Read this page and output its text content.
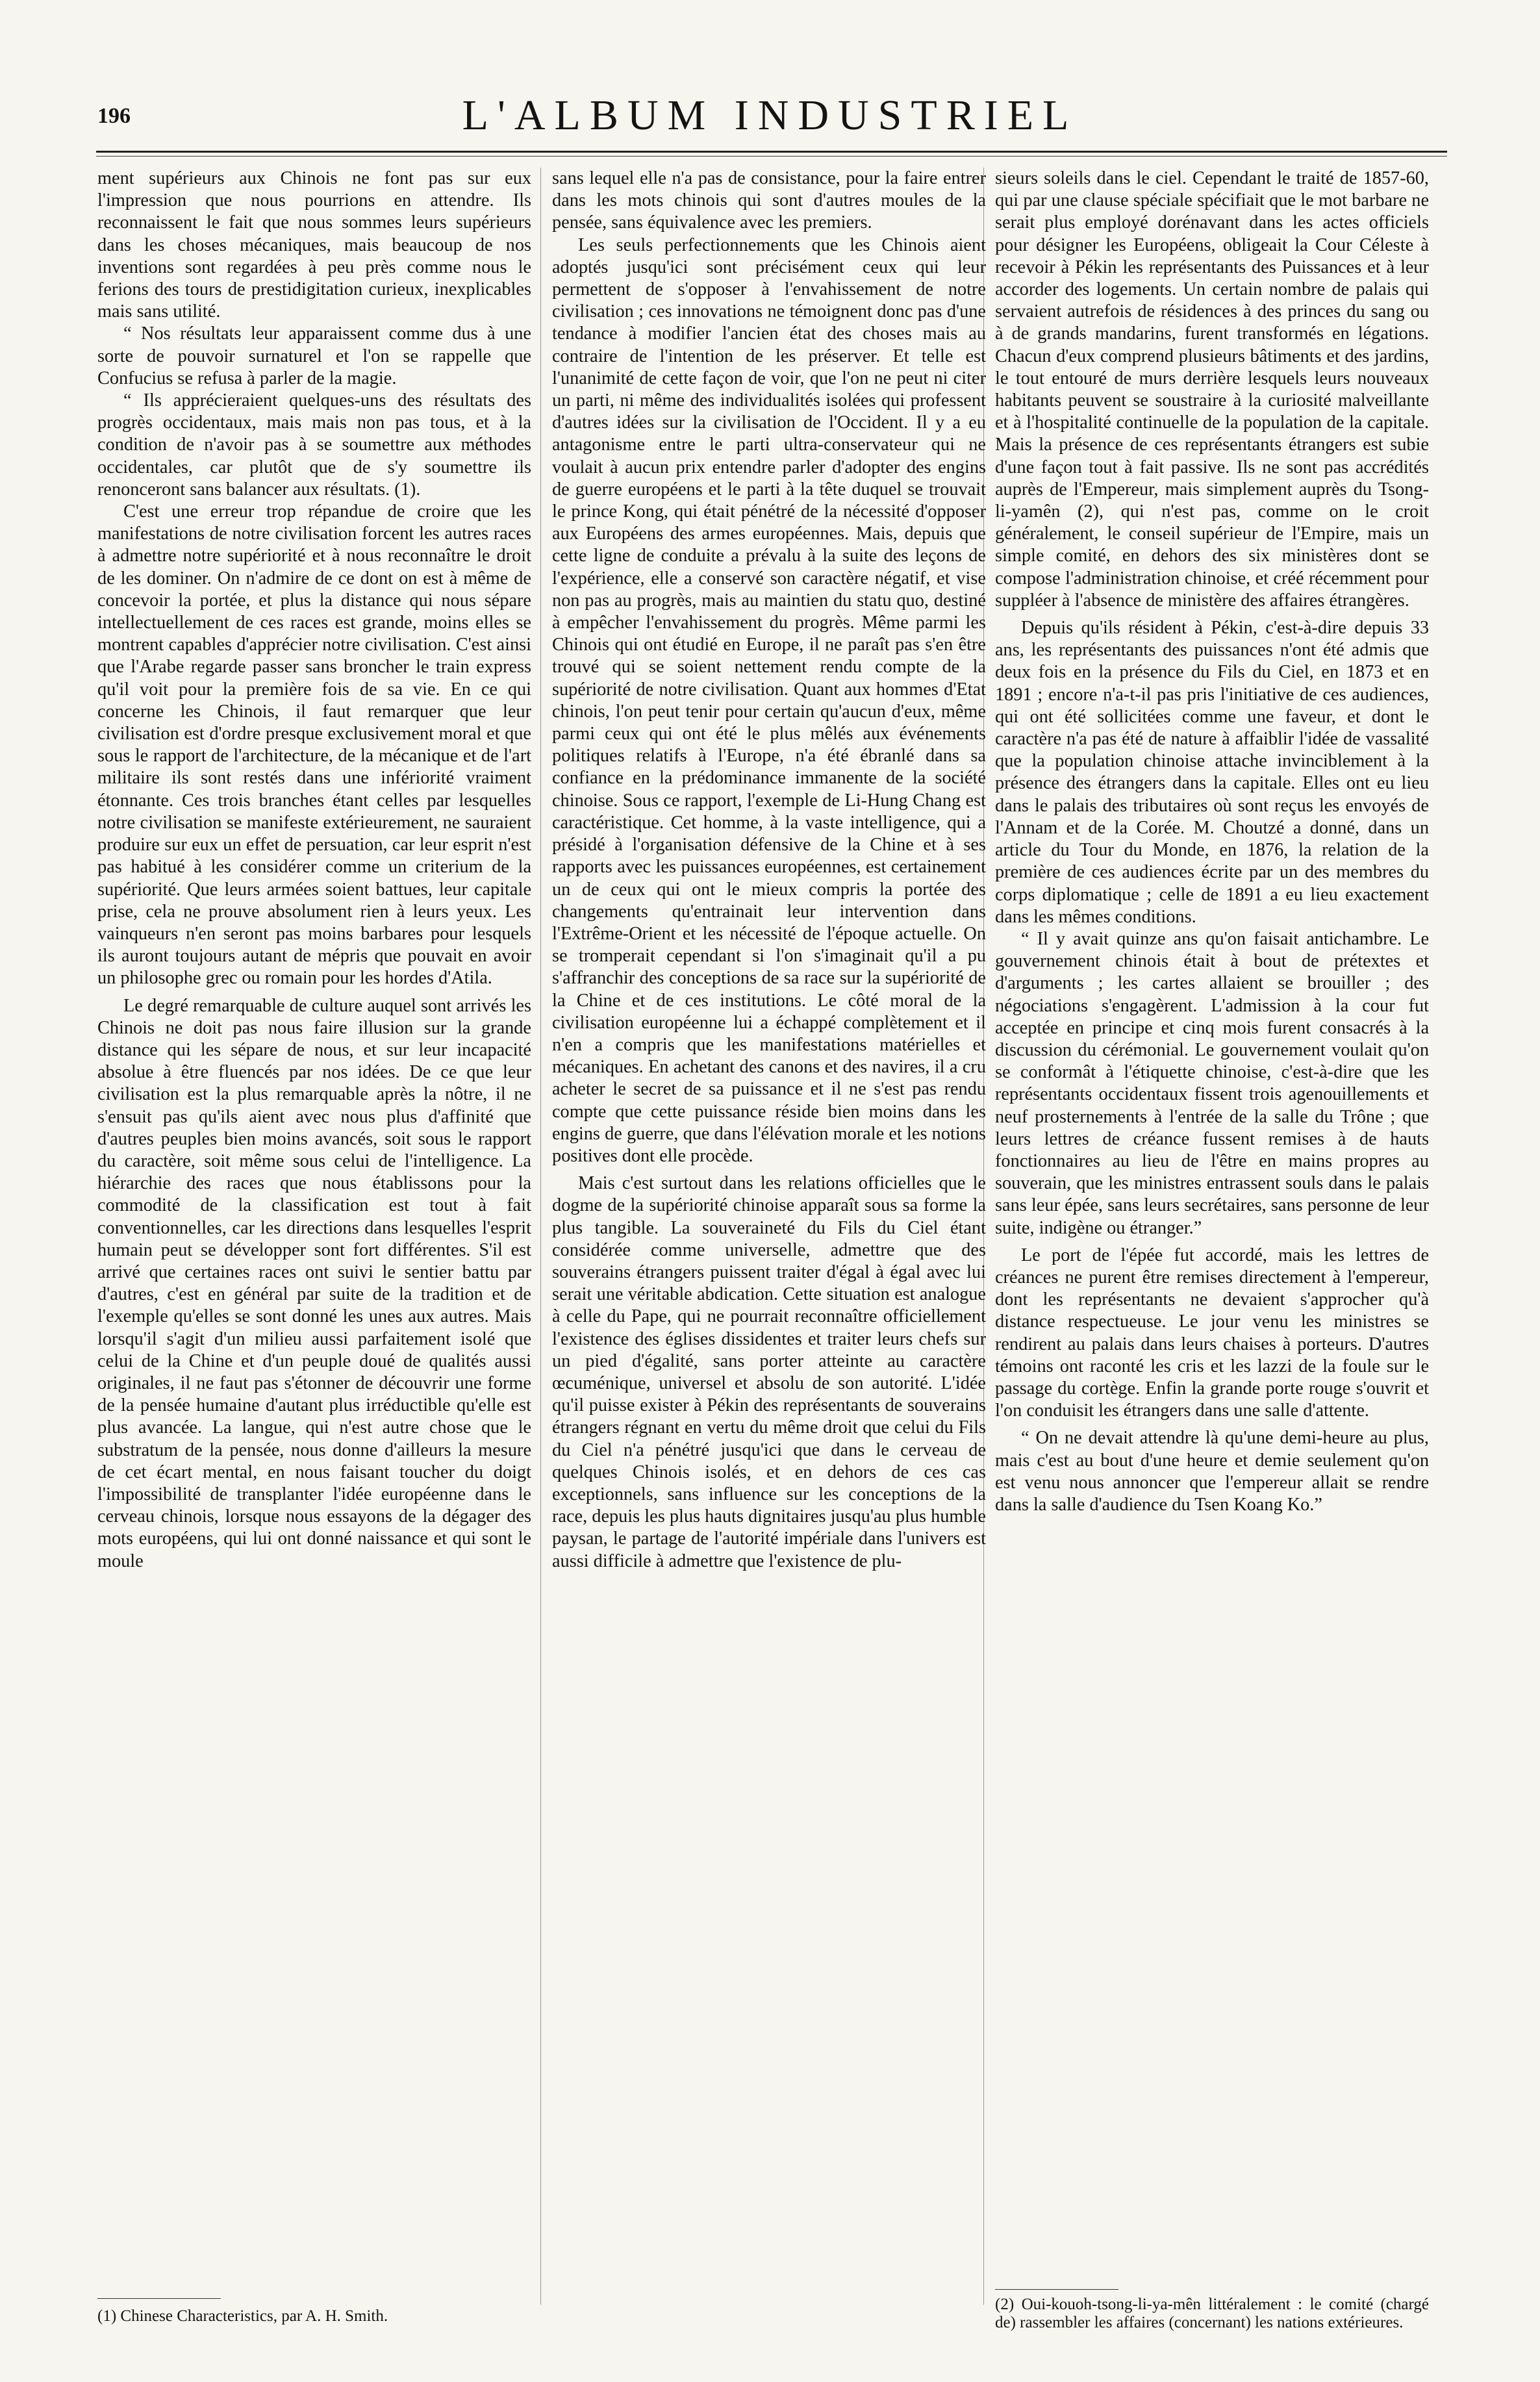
196	L'ALBUM INDUSTRIEL

ment supérieurs aux Chinois ne font pas sur eux l'impression que nous pourrions en attendre. Ils reconnaissent le fait que nous sommes leurs supérieurs dans les choses mécaniques, mais beaucoup de nos inventions sont regardées à peu près comme nous le ferions des tours de prestidigitation curieux, inexplicables mais sans utilité.

“ Nos résultats leur apparaissent comme dus à une sorte de pouvoir surnaturel et l'on se rappelle que Confucius se refusa à parler de la magie.

“ Ils apprécieraient quelques-uns des résultats des progrès occidentaux, mais mais non pas tous, et à la condition de n'avoir pas à se soumettre aux méthodes occidentales, car plutôt que de s'y soumettre ils renonceront sans balancer aux résultats. (1).

C'est une erreur trop répandue de croire que les manifestations de notre civilisation forcent les autres races à admettre notre supériorité et à nous reconnaître le droit de les dominer. On n'admire de ce dont on est à même de concevoir la portée, et plus la distance qui nous sépare intellectuellement de ces races est grande, moins elles se montrent capables d'apprécier notre civilisation. C'est ainsi que l'Arabe regarde passer sans broncher le train express qu'il voit pour la première fois de sa vie. En ce qui concerne les Chinois, il faut remarquer que leur civilisation est d'ordre presque exclusivement moral et que sous le rapport de l'architecture, de la mécanique et de l'art militaire ils sont restés dans une infériorité vraiment étonnante. Ces trois branches étant celles par lesquelles notre civilisation se manifeste extérieurement, ne sauraient produire sur eux un effet de persuation, car leur esprit n'est pas habitué à les considérer comme un criterium de la supériorité. Que leurs armées soient battues, leur capitale prise, cela ne prouve absolument rien à leurs yeux. Les vainqueurs n'en seront pas moins barbares pour lesquels ils auront toujours autant de mépris que pouvait en avoir un philosophe grec ou romain pour les hordes d'Atila.

Le degré remarquable de culture auquel sont arrivés les Chinois ne doit pas nous faire illusion sur la grande distance qui les sépare de nous, et sur leur incapacité absolue à être fluencés par nos idées. De ce que leur civilisation est la plus remarquable après la nôtre, il ne s'ensuit pas qu'ils aient avec nous plus d'affinité que d'autres peuples bien moins avancés, soit sous le rapport du caractère, soit même sous celui de l'intelligence. La hiérarchie des races que nous établissons pour la commodité de la classification est tout à fait conventionnelles, car les directions dans lesquelles l'esprit humain peut se développer sont fort différentes. S'il est arrivé que certaines races ont suivi le sentier battu par d'autres, c'est en général par suite de la tradition et de l'exemple qu'elles se sont donné les unes aux autres. Mais lorsqu'il s'agit d'un milieu aussi parfaitement isolé que celui de la Chine et d'un peuple doué de qualités aussi originales, il ne faut pas s'étonner de découvrir une forme de la pensée humaine d'autant plus irréductible qu'elle est plus avancée. La langue, qui n'est autre chose que le substratum de la pensée, nous donne d'ailleurs la mesure de cet écart mental, en nous faisant toucher du doigt l'impossibilité de transplanter l'idée européenne dans le cerveau chinois, lorsque nous essayons de la dégager des mots européens, qui lui ont donné naissance et qui sont le moule

sans lequel elle n'a pas de consistance, pour la faire entrer dans les mots chinois qui sont d'autres moules de la pensée, sans équivalence avec les premiers.

Les seuls perfectionnements que les Chinois aient adoptés jusqu'ici sont précisément ceux qui leur permettent de s'opposer à l'envahissement de notre civilisation ; ces innovations ne témoignent donc pas d'une tendance à modifier l'ancien état des choses mais au contraire de l'intention de les préserver. Et telle est l'unanimité de cette façon de voir, que l'on ne peut ni citer un parti, ni même des individualités isolées qui professent d'autres idées sur la civilisation de l'Occident. Il y a eu antagonisme entre le parti ultra-conservateur qui ne voulait à aucun prix entendre parler d'adopter des engins de guerre européens et le parti à la tête duquel se trouvait le prince Kong, qui était pénétré de la nécessité d'opposer aux Européens des armes européennes. Mais, depuis que cette ligne de conduite a prévalu à la suite des leçons de l'expérience, elle a conservé son caractère négatif, et vise non pas au progrès, mais au maintien du statu quo, destiné à empêcher l'envahissement du progrès. Même parmi les Chinois qui ont étudié en Europe, il ne paraît pas s'en être trouvé qui se soient nettement rendu compte de la supériorité de notre civilisation. Quant aux hommes d'Etat chinois, l'on peut tenir pour certain qu'aucun d'eux, même parmi ceux qui ont été le plus mêlés aux événements politiques relatifs à l'Europe, n'a été ébranlé dans sa confiance en la prédominance immanente de la société chinoise. Sous ce rapport, l'exemple de Li-Hung Chang est caractéristique. Cet homme, à la vaste intelligence, qui a présidé à l'organisation défensive de la Chine et à ses rapports avec les puissances européennes, est certainement un de ceux qui ont le mieux compris la portée des changements qu'entrainait leur intervention dans l'Extrême-Orient et les nécessité de l'époque actuelle. On se tromperait cependant si l'on s'imaginait qu'il a pu s'affranchir des conceptions de sa race sur la supériorité de la Chine et de ces institutions. Le côté moral de la civilisation européenne lui a échappé complètement et il n'en a compris que les manifestations matérielles et mécaniques. En achetant des canons et des navires, il a cru acheter le secret de sa puissance et il ne s'est pas rendu compte que cette puissance réside bien moins dans les engins de guerre, que dans l'élévation morale et les notions positives dont elle procède.

Mais c'est surtout dans les relations officielles que le dogme de la supériorité chinoise apparaît sous sa forme la plus tangible. La souveraineté du Fils du Ciel étant considérée comme universelle, admettre que des souverains étrangers puissent traiter d'égal à égal avec lui serait une véritable abdication. Cette situation est analogue à celle du Pape, qui ne pourrait reconnaître officiellement l'existence des églises dissidentes et traiter leurs chefs sur un pied d'égalité, sans porter atteinte au caractère œcuménique, universel et absolu de son autorité. L'idée qu'il puisse exister à Pékin des représentants de souverains étrangers régnant en vertu du même droit que celui du Fils du Ciel n'a pénétré jusqu'ici que dans le cerveau de quelques Chinois isolés, et en dehors de ces cas exceptionnels, sans influence sur les conceptions de la race, depuis les plus hauts dignitaires jusqu'au plus humble paysan, le partage de l'autorité impériale dans l'univers est aussi difficile à admettre que l'existence de plu-

sieurs soleils dans le ciel. Cependant le traité de 1857-60, qui par une clause spéciale spécifiait que le mot barbare ne serait plus employé dorénavant dans les actes officiels pour désigner les Européens, obligeait la Cour Céleste à recevoir à Pékin les représentants des Puissances et à leur accorder des logements. Un certain nombre de palais qui servaient autrefois de résidences à des princes du sang ou à de grands mandarins, furent transformés en légations. Chacun d'eux comprend plusieurs bâtiments et des jardins, le tout entouré de murs derrière lesquels leurs nouveaux habitants peuvent se soustraire à la curiosité malveillante et à l'hospitalité continuelle de la population de la capitale. Mais la présence de ces représentants étrangers est subie d'une façon tout à fait passive. Ils ne sont pas accrédités auprès de l'Empereur, mais simplement auprès du Tsong-li-yamên (2), qui n'est pas, comme on le croit généralement, le conseil supérieur de l'Empire, mais un simple comité, en dehors des six ministères dont se compose l'administration chinoise, et créé récemment pour suppléer à l'absence de ministère des affaires étrangères.

Depuis qu'ils résident à Pékin, c'est-à-dire depuis 33 ans, les représentants des puissances n'ont été admis que deux fois en la présence du Fils du Ciel, en 1873 et en 1891 ; encore n'a-t-il pas pris l'initiative de ces audiences, qui ont été sollicitées comme une faveur, et dont le caractère n'a pas été de nature à affaiblir l'idée de vassalité que la population chinoise attache invinciblement à la présence des étrangers dans la capitale. Elles ont eu lieu dans le palais des tributaires où sont reçus les envoyés de l'Annam et de la Corée. M. Choutzé a donné, dans un article du Tour du Monde, en 1876, la relation de la première de ces audiences écrite par un des membres du corps diplomatique ; celle de 1891 a eu lieu exactement dans les mêmes conditions.

“ Il y avait quinze ans qu'on faisait antichambre. Le gouvernement chinois était à bout de prétextes et d'arguments ; les cartes allaient se brouiller ; des négociations s'engagèrent. L'admission à la cour fut acceptée en principe et cinq mois furent consacrés à la discussion du cérémonial. Le gouvernement voulait qu'on se conformât à l'étiquette chinoise, c'est-à-dire que les représentants occidentaux fissent trois agenouillements et neuf prosternements à l'entrée de la salle du Trône ; que leurs lettres de créance fussent remises à de hauts fonctionnaires au lieu de l'être en mains propres au souverain, que les ministres entrassent souls dans le palais sans leur épée, sans leurs secrétaires, sans personne de leur suite, indigène ou étranger.”

Le port de l'épée fut accordé, mais les lettres de créances ne purent être remises directement à l'empereur, dont les représentants ne devaient s'approcher qu'à distance respectueuse. Le jour venu les ministres se rendirent au palais dans leurs chaises à porteurs. D'autres témoins ont raconté les cris et les lazzi de la foule sur le passage du cortège. Enfin la grande porte rouge s'ouvrit et l'on conduisit les étrangers dans une salle d'attente.

“ On ne devait attendre là qu'une demi-heure au plus, mais c'est au bout d'une heure et demie seulement qu'on est venu nous annoncer que l'empereur allait se rendre dans la salle d'audience du Tsen Koang Ko.”

(1) Chinese Characteristics, par A. H. Smith.
(2) Oui-kouoh-tsong-li-ya-mên littéralement : le comité (chargé de) rassembler les affaires (concernant) les nations extérieures.
